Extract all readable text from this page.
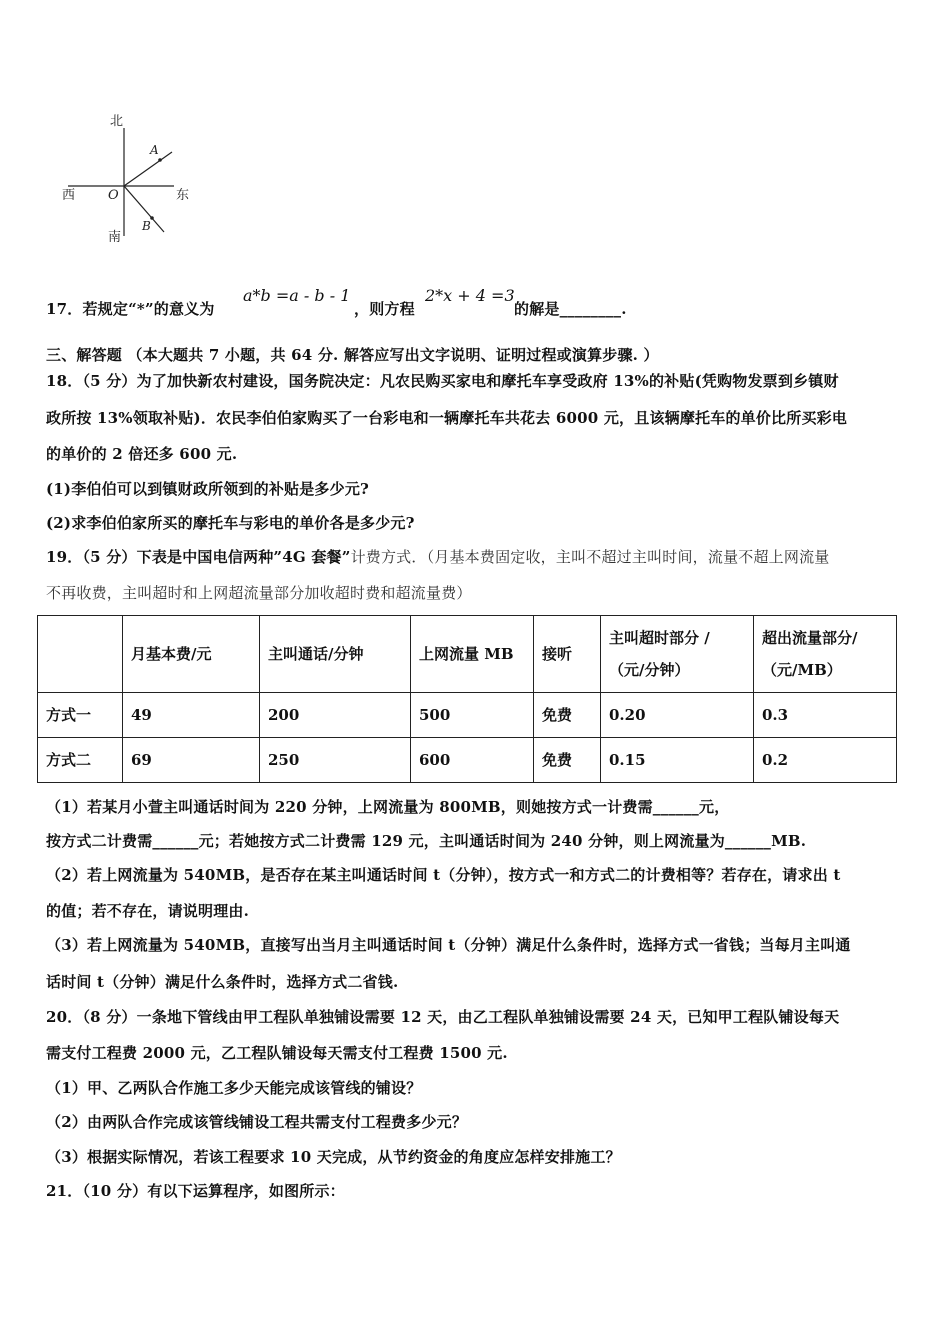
北
南
东
西	O
A
B
17．若规定“*”的意义为
a*b =a - b - 1
，则方程
2*x + 4 =3
的解是________.
三、解答题 （本大题共 7 小题，共 64 分. 解答应写出文字说明、证明过程或演算步骤. ）
18．（5 分）为了加快新农村建设，国务院决定：凡农民购买家电和摩托车享受政府 13%的补贴(凭购物发票到乡镇财
政所按 13%领取补贴)．农民李伯伯家购买了一台彩电和一辆摩托车共花去 6000 元，且该辆摩托车的单价比所买彩电
的单价的 2 倍还多 600 元.
(1)李伯伯可以到镇财政所领到的补贴是多少元?
(2)求李伯伯家所买的摩托车与彩电的单价各是多少元?
19．（5 分）下表是中国电信两种”4G 套餐”计费方式．（月基本费固定收，主叫不超过主叫时间，流量不超上网流量
不再收费，主叫超时和上网超流量部分加收超时费和超流量费）
	月基本费/元	主叫通话/分钟	上网流量 MB	接听	主叫超时部分 /（元/分钟）	超出流量部分/（元/MB）
方式一	49	200	500	免费	0.20	0.3
方式二	69	250	600	免费	0.15	0.2
（1）若某月小萱主叫通话时间为 220 分钟，上网流量为 800MB，则她按方式一计费需______元，
按方式二计费需______元；若她按方式二计费需 129 元，主叫通话时间为 240 分钟，则上网流量为______MB.
（2）若上网流量为 540MB，是否存在某主叫通话时间 t（分钟），按方式一和方式二的计费相等？若存在，请求出 t
的值；若不存在，请说明理由.
（3）若上网流量为 540MB，直接写出当月主叫通话时间 t（分钟）满足什么条件时，选择方式一省钱；当每月主叫通
话时间 t（分钟）满足什么条件时，选择方式二省钱.
20．（8 分）一条地下管线由甲工程队单独铺设需要 12 天，由乙工程队单独铺设需要 24 天，已知甲工程队铺设每天
需支付工程费 2000 元，乙工程队铺设每天需支付工程费 1500 元.
（1）甲、乙两队合作施工多少天能完成该管线的铺设？
（2）由两队合作完成该管线铺设工程共需支付工程费多少元？
（3）根据实际情况，若该工程要求 10 天完成，从节约资金的角度应怎样安排施工？
21．（10 分）有以下运算程序，如图所示：
